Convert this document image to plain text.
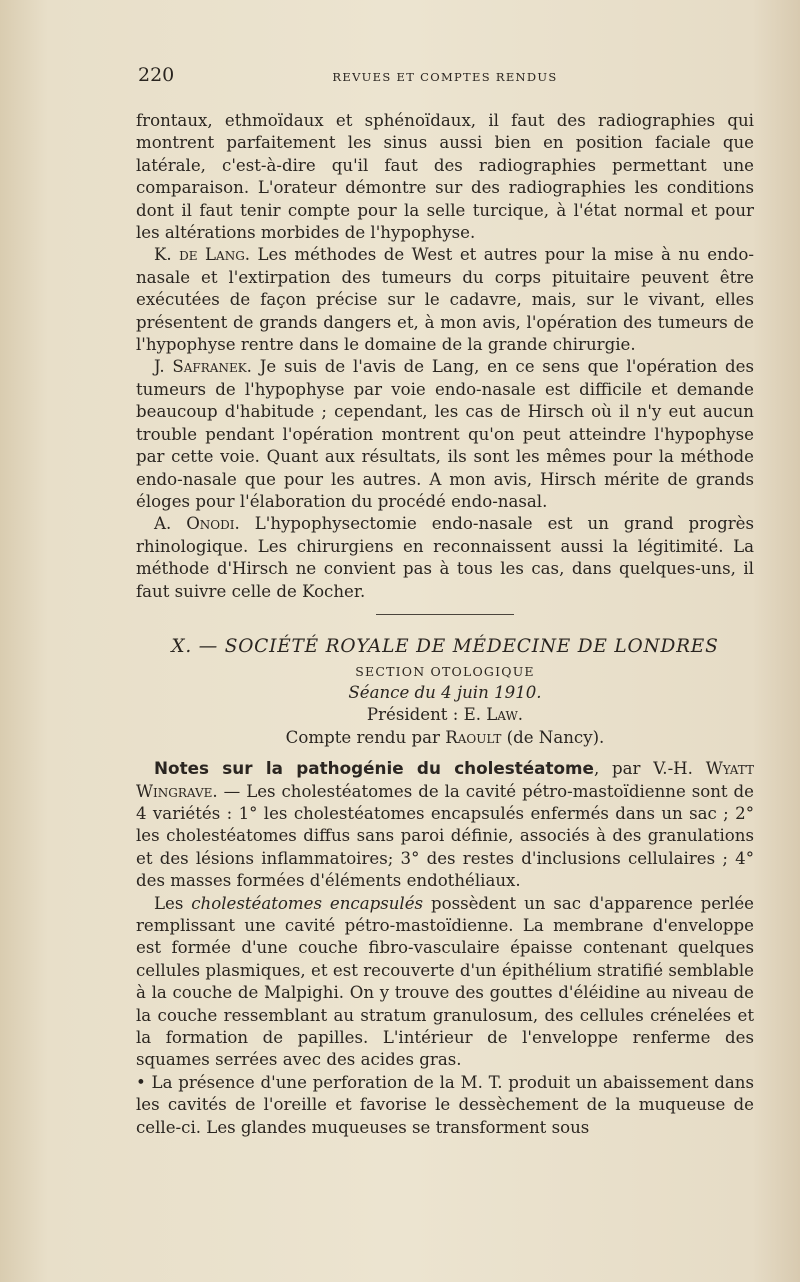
220	REVUES ET COMPTES RENDUS

frontaux, ethmoïdaux et sphénoïdaux, il faut des radiographies qui montrent parfaitement les sinus aussi bien en position faciale que latérale, c'est-à-dire qu'il faut des radiographies permettant une comparaison. L'orateur démontre sur des radiographies les conditions dont il faut tenir compte pour la selle turcique, à l'état normal et pour les altérations morbides de l'hypophyse.

K. de Lang. Les méthodes de West et autres pour la mise à nu endo-nasale et l'extirpation des tumeurs du corps pituitaire peuvent être exécutées de façon précise sur le cadavre, mais, sur le vivant, elles présentent de grands dangers et, à mon avis, l'opération des tumeurs de l'hypophyse rentre dans le domaine de la grande chirurgie.

J. Safranek. Je suis de l'avis de Lang, en ce sens que l'opération des tumeurs de l'hypophyse par voie endo-nasale est difficile et demande beaucoup d'habitude ; cependant, les cas de Hirsch où il n'y eut aucun trouble pendant l'opération montrent qu'on peut atteindre l'hypophyse par cette voie. Quant aux résultats, ils sont les mêmes pour la méthode endo-nasale que pour les autres. A mon avis, Hirsch mérite de grands éloges pour l'élaboration du procédé endo-nasal.

A. Onodi. L'hypophysectomie endo-nasale est un grand progrès rhinologique. Les chirurgiens en reconnaissent aussi la légitimité. La méthode d'Hirsch ne convient pas à tous les cas, dans quelques-uns, il faut suivre celle de Kocher.

X. — SOCIÉTÉ ROYALE DE MÉDECINE DE LONDRES
SECTION OTOLOGIQUE
Séance du 4 juin 1910.
Président : E. Law.
Compte rendu par Raoult (de Nancy).

Notes sur la pathogénie du cholestéatome, par V.-H. Wyatt Wingrave. — Les cholestéatomes de la cavité pétro-mastoïdienne sont de 4 variétés : 1° les cholestéatomes encapsulés enfermés dans un sac ; 2° les cholestéatomes diffus sans paroi définie, associés à des granulations et des lésions inflammatoires; 3° des restes d'inclusions cellulaires ; 4° des masses formées d'éléments endothéliaux.

Les cholestéatomes encapsulés possèdent un sac d'apparence perlée remplissant une cavité pétro-mastoïdienne. La membrane d'enveloppe est formée d'une couche fibro-vasculaire épaisse contenant quelques cellules plasmiques, et est recouverte d'un épithélium stratifié semblable à la couche de Malpighi. On y trouve des gouttes d'éléidine au niveau de la couche ressemblant au stratum granulosum, des cellules crénelées et la formation de papilles. L'intérieur de l'enveloppe renferme des squames serrées avec des acides gras.

• La présence d'une perforation de la M. T. produit un abaissement dans les cavités de l'oreille et favorise le dessèchement de la muqueuse de celle-ci. Les glandes muqueuses se transforment sous
